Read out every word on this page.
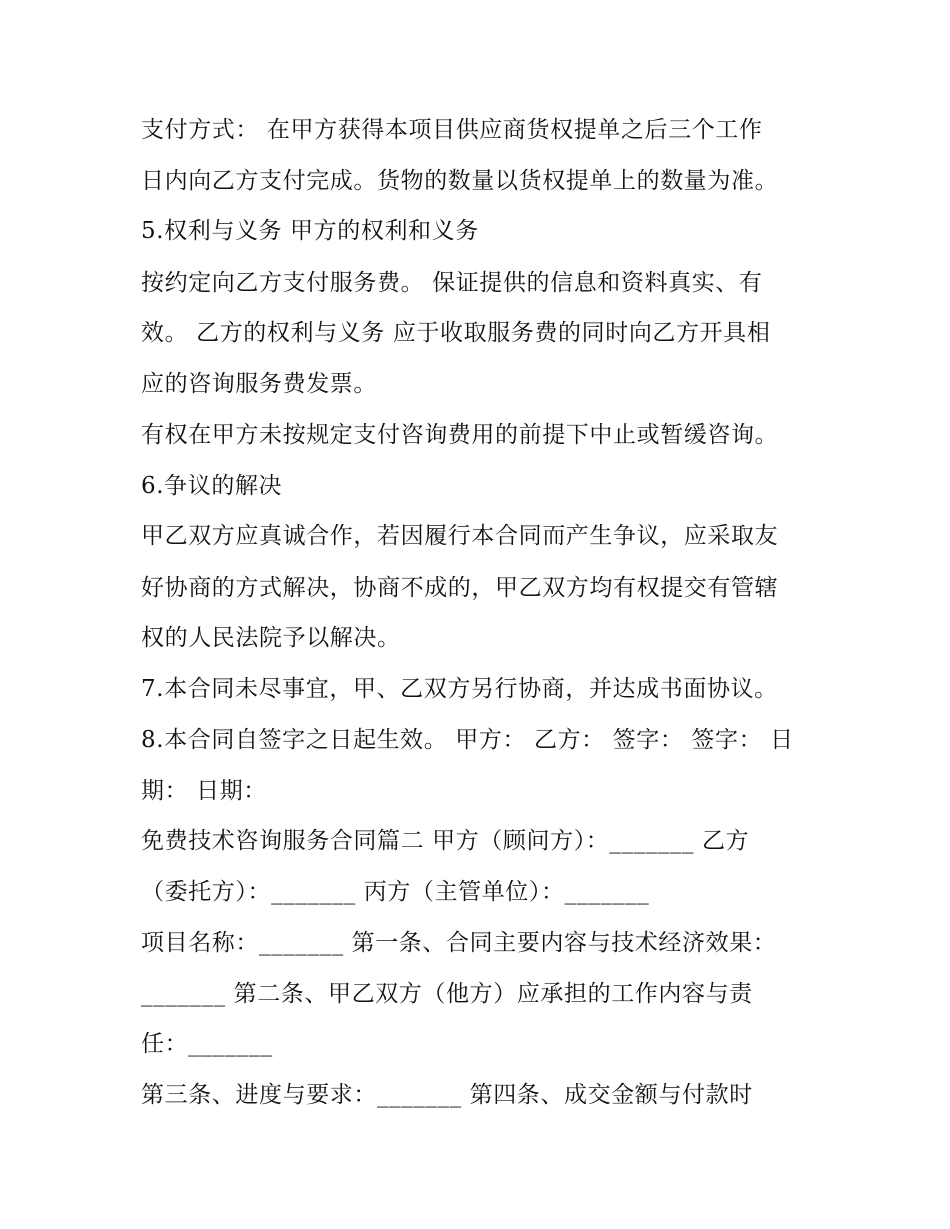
支付方式： 在甲方获得本项目供应商货权提单之后三个工作
日内向乙方支付完成。货物的数量以货权提单上的数量为准。
5.权利与义务 甲方的权利和义务
按约定向乙方支付服务费。 保证提供的信息和资料真实、有
效。 乙方的权利与义务 应于收取服务费的同时向乙方开具相
应的咨询服务费发票。
有权在甲方未按规定支付咨询费用的前提下中止或暂缓咨询。
6.争议的解决
甲乙双方应真诚合作，若因履行本合同而产生争议，应采取友
好协商的方式解决，协商不成的，甲乙双方均有权提交有管辖
权的人民法院予以解决。
7.本合同未尽事宜，甲、乙双方另行协商，并达成书面协议。
8.本合同自签字之日起生效。 甲方： 乙方： 签字： 签字： 日
期： 日期：
免费技术咨询服务合同篇二 甲方（顾问方）：_______ 乙方
（委托方）：_______ 丙方（主管单位）：_______
项目名称：_______ 第一条、合同主要内容与技术经济效果：
_______ 第二条、甲乙双方（他方）应承担的工作内容与责
任：_______
第三条、进度与要求：_______ 第四条、成交金额与付款时
